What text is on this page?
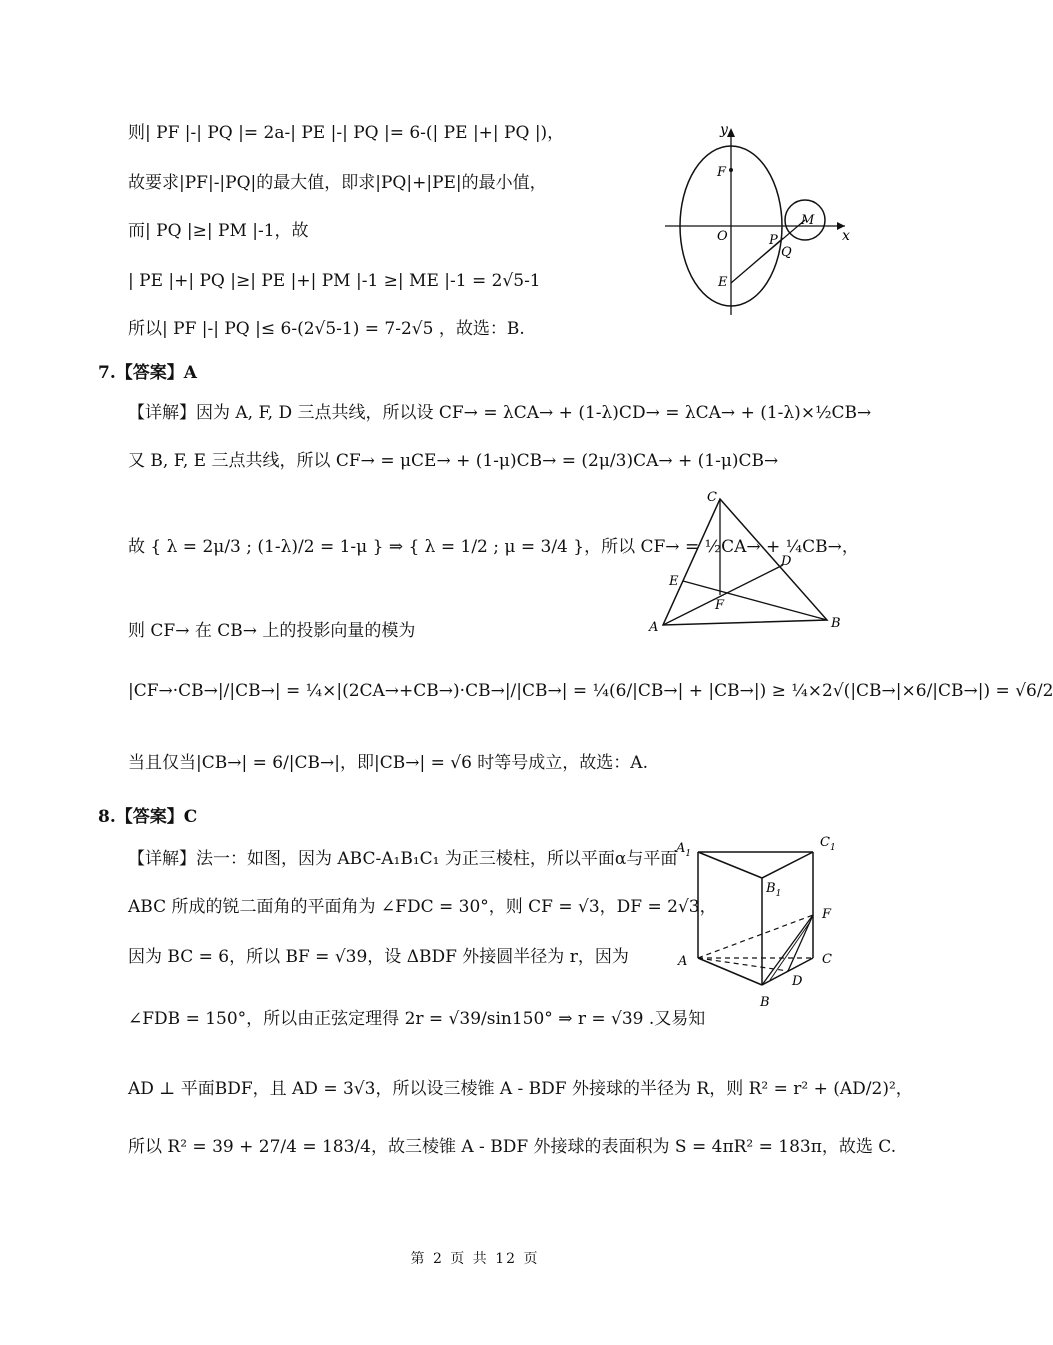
则| PF |-| PQ |= 2a-| PE |-| PQ |= 6-(| PE |+| PQ |)，
故要求|PF|-|PQ|的最大值，即求|PQ|+|PE|的最小值，
而| PQ |≥| PM |-1，故
| PE |+| PQ |≥| PE |+| PM |-1 ≥| ME |-1 = 2√5-1
所以| PF |-| PQ |≤ 6-(2√5-1) = 7-2√5 ，故选：B.
y
x
F
O	P
Q
M
E
7.【答案】A
【详解】因为 A, F, D 三点共线，所以设 CF→ = λCA→ + (1-λ)CD→ = λCA→ + (1-λ)×½CB→
又 B, F, E 三点共线，所以 CF→ = μCE→ + (1-μ)CB→ = (2μ/3)CA→ + (1-μ)CB→
故 { λ = 2μ/3 ; (1-λ)/2 = 1-μ } ⇒ { λ = 1/2 ; μ = 3/4 }，所以 CF→ = ½CA→ + ¼CB→，
则 CF→ 在 CB→ 上的投影向量的模为
|CF→·CB→|/|CB→| = ¼×|(2CA→+CB→)·CB→|/|CB→| = ¼(6/|CB→| + |CB→|) ≥ ¼×2√(|CB→|×6/|CB→|) = √6/2
当且仅当|CB→| = 6/|CB→|，即|CB→| = √6 时等号成立，故选：A.
C
D
E
F
A	B
8.【答案】C
【详解】法一：如图，因为 ABC-A₁B₁C₁ 为正三棱柱，所以平面α与平面
ABC 所成的锐二面角的平面角为 ∠FDC = 30°，则 CF = √3，DF = 2√3，
因为 BC = 6，所以 BF = √39，设 ΔBDF 外接圆半径为 r，因为
∠FDB = 150°，所以由正弦定理得 2r = √39/sin150° ⇒ r = √39 .又易知
AD ⊥ 平面BDF，且 AD = 3√3，所以设三棱锥 A - BDF 外接球的半径为 R，则 R² = r² + (AD/2)²，
所以 R² = 39 + 27/4 = 183/4，故三棱锥 A - BDF 外接球的表面积为 S = 4πR² = 183π，故选 C.
$A_1$
$C_1$
$B_1$
F
A	C
D
B
第 2 页 共 12 页
